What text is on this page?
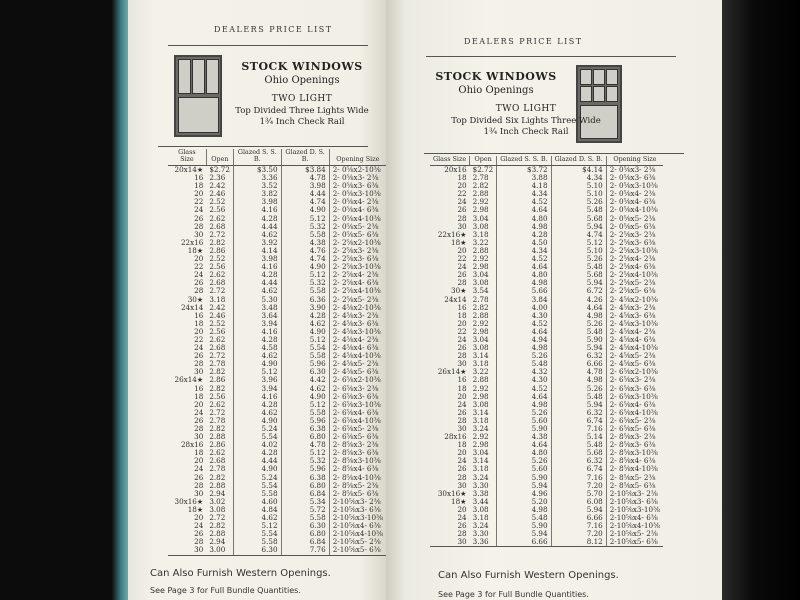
DEALERS PRICE LIST
STOCK WINDOWS
Ohio Openings
TWO LIGHT
Top Divided Three Lights Wide
1¾ Inch Check Rail
Glass Size	Open	Glazed S. S. B.	Glazed D. S. B.	Opening Size
20x14★	$2.72	$3.50	$3.84	2- 0⅝x2-10⅜
16	2.36	3.36	4.78	2- 0⅝x3- 2⅜
18	2.42	3.52	3.98	2- 0⅝x3- 6⅜
20	2.46	3.82	4.44	2- 0⅝x3-10⅜
22	2.52	3.98	4.74	2- 0⅝x4- 2⅜
24	2.56	4.16	4.90	2- 0⅝x4- 6⅜
26	2.62	4.28	5.12	2- 0⅝x4-10⅜
28	2.68	4.44	5.32	2- 0⅝x5- 2⅜
30	2.72	4.62	5.58	2- 0⅝x5- 6⅜
22x16	2.82	3.92	4.38	2- 2⅝x2-10⅜
18★	2.86	4.14	4.76	2- 2⅝x3- 2⅜
20	2.52	3.98	4.74	2- 2⅝x3- 6⅜
22	2.56	4.16	4.90	2- 2⅝x3-10⅜
24	2.62	4.28	5.12	2- 2⅝x4- 2⅜
26	2.68	4.44	5.32	2- 2⅝x4- 6⅜
28	2.72	4.62	5.58	2- 2⅝x4-10⅜
30★	3.18	5.30	6.36	2- 2⅝x5- 2⅜
24x14	2.42	3.48	3.90	2- 4⅝x2-10⅜
16	2.46	3.64	4.28	2- 4⅝x3- 2⅜
18	2.52	3.94	4.62	2- 4⅝x3- 6⅜
20	2.56	4.16	4.90	2- 4⅝x3-10⅜
22	2.62	4.28	5.12	2- 4⅝x4- 2⅜
24	2.68	4.58	5.54	2- 4⅝x4- 6⅜
26	2.72	4.62	5.58	2- 4⅝x4-10⅜
28	2.78	4.90	5.96	2- 4⅝x5- 2⅜
30	2.82	5.12	6.30	2- 4⅝x5- 6⅜
26x14★	2.86	3.96	4.42	2- 6⅝x2-10⅜
16	2.82	3.94	4.62	2- 6⅝x3- 2⅜
18	2.56	4.16	4.90	2- 6⅝x3- 6⅜
20	2.62	4.28	5.12	2- 6⅝x3-10⅜
24	2.72	4.62	5.58	2- 6⅝x4- 6⅜
26	2.78	4.90	5.96	2- 6⅝x4-10⅜
28	2.82	5.24	6.38	2- 6⅝x5- 2⅜
30	2.88	5.54	6.80	2- 6⅝x5- 6⅜
28x16	2.86	4.02	4.78	2- 8⅝x3- 2⅜
18	2.62	4.28	5.12	2- 8⅝x3- 6⅜
20	2.68	4.44	5.32	2- 8⅝x3-10⅜
24	2.78	4.90	5.96	2- 8⅝x4- 6⅜
26	2.82	5.24	6.38	2- 8⅝x4-10⅜
28	2.88	5.54	6.80	2- 8⅝x5- 2⅜
30	2.94	5.58	6.84	2- 8⅝x5- 6⅜
30x16★	3.02	4.60	5.34	2-10⅝x3- 2⅜
18★	3.08	4.84	5.72	2-10⅝x3- 6⅜
20	2.72	4.62	5.58	2-10⅝x3-10⅜
24	2.82	5.12	6.30	2-10⅝x4- 6⅜
26	2.88	5.54	6.80	2-10⅝x4-10⅜
28	2.94	5.58	6.84	2-10⅝x5- 2⅜
30	3.00	6.30	7.76	2-10⅝x5- 6⅜
Can Also Furnish Western Openings.
See Page 3 for Full Bundle Quantities.
DEALERS PRICE LIST
STOCK WINDOWS
Ohio Openings
TWO LIGHT
Top Divided Six Lights Three Wide
1¾ Inch Check Rail
Glass Size	Open	Glazed S. S. B.	Glazed D. S. B.	Opening Size
20x16	$2.72	$3.72	$4.14	2- 0⅝x3- 2⅜
18	2.78	3.88	4.34	2- 0⅝x3- 6⅜
20	2.82	4.18	5.10	2- 0⅝x3-10⅜
22	2.88	4.34	5.10	2- 0⅝x4- 2⅜
24	2.92	4.52	5.26	2- 0⅝x4- 6⅜
26	2.98	4.64	5.48	2- 0⅝x4-10⅜
28	3.04	4.80	5.68	2- 0⅝x5- 2⅜
30	3.08	4.98	5.94	2- 0⅝x5- 6⅜
22x16★	3.18	4.28	4.74	2- 2⅝x3- 2⅜
18★	3.22	4.50	5.12	2- 2⅝x3- 6⅜
20	2.88	4.34	5.10	2- 2⅝x3-10⅜
22	2.92	4.52	5.26	2- 2⅝x4- 2⅜
24	2.98	4.64	5.48	2- 2⅝x4- 6⅜
26	3.04	4.80	5.68	2- 2⅝x4-10⅜
28	3.08	4.98	5.94	2- 2⅝x5- 2⅜
30★	3.54	5.66	6.72	2- 2⅝x5- 6⅜
24x14	2.78	3.84	4.26	2- 4⅝x2-10⅜
16	2.82	4.00	4.64	2- 4⅝x3- 2⅜
18	2.88	4.30	4.98	2- 4⅝x3- 6⅜
20	2.92	4.52	5.26	2- 4⅝x3-10⅜
22	2.98	4.64	5.48	2- 4⅝x4- 2⅜
24	3.04	4.94	5.90	2- 4⅝x4- 6⅜
26	3.08	4.98	5.94	2- 4⅝x4-10⅜
28	3.14	5.26	6.32	2- 4⅝x5- 2⅜
30	3.18	5.48	6.66	2- 4⅝x5- 6⅜
26x14★	3.22	4.32	4.78	2- 6⅝x2-10⅜
16	2.88	4.30	4.98	2- 6⅝x3- 2⅜
18	2.92	4.52	5.26	2- 6⅝x3- 6⅜
20	2.98	4.64	5.48	2- 6⅝x3-10⅜
24	3.08	4.98	5.94	2- 6⅝x4- 6⅜
26	3.14	5.26	6.32	2- 6⅝x4-10⅜
28	3.18	5.60	6.74	2- 6⅝x5- 2⅜
30	3.24	5.90	7.16	2- 6⅝x5- 6⅜
28x16	2.92	4.38	5.14	2- 8⅝x3- 2⅜
18	2.98	4.64	5.48	2- 8⅝x3- 6⅜
20	3.04	4.80	5.68	2- 8⅝x3-10⅜
24	3.14	5.26	6.32	2- 8⅝x4- 6⅜
26	3.18	5.60	6.74	2- 8⅝x4-10⅜
28	3.24	5.90	7.16	2- 8⅝x5- 2⅜
30	3.30	5.94	7.20	2- 8⅝x5- 6⅜
30x16★	3.38	4.96	5.70	2-10⅝x3- 2⅜
18★	3.44	5.20	6.08	2-10⅝x3- 6⅜
20	3.08	4.98	5.94	2-10⅝x3-10⅜
24	3.18	5.48	6.66	2-10⅝x4- 6⅜
26	3.24	5.90	7.16	2-10⅝x4-10⅜
28	3.30	5.94	7.20	2-10⅝x5- 2⅜
30	3.36	6.66	8.12	2-10⅝x5- 6⅜
Can Also Furnish Western Openings.
See Page 3 for Full Bundle Quantities.
